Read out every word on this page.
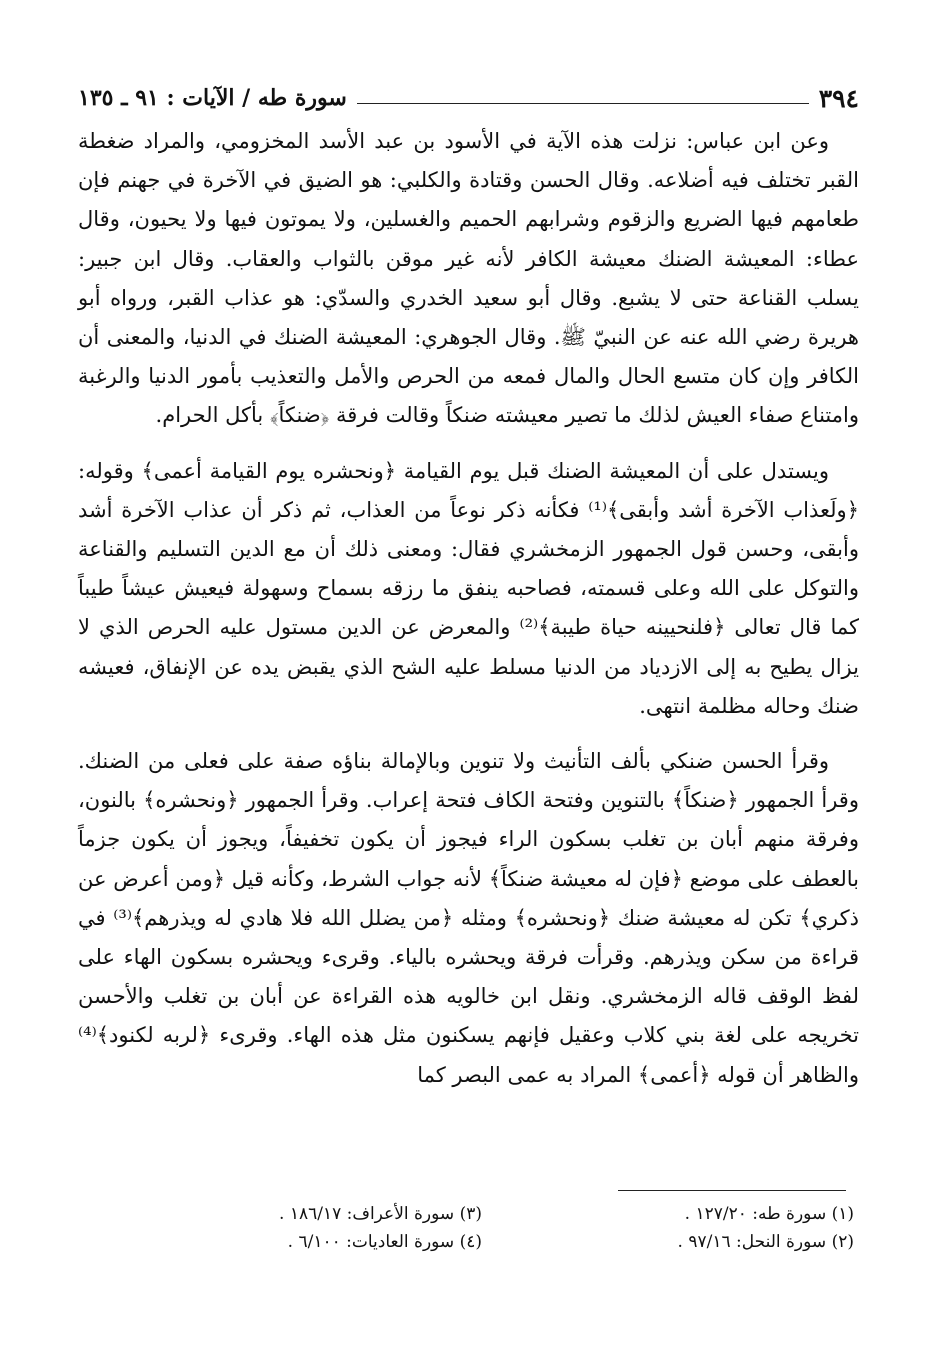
٣٩٤
سورة طه / الآيات : ٩١ ـ ١٣٥

وعن ابن عباس: نزلت هذه الآية في الأسود بن عبد الأسد المخزومي، والمراد ضغطة القبر تختلف فيه أضلاعه. وقال الحسن وقتادة والكلبي: هو الضيق في الآخرة في جهنم فإن طعامهم فيها الضريع والزقوم وشرابهم الحميم والغسلين، ولا يموتون فيها ولا يحيون، وقال عطاء: المعيشة الضنك معيشة الكافر لأنه غير موقن بالثواب والعقاب. وقال ابن جبير: يسلب القناعة حتى لا يشبع. وقال أبو سعيد الخدري والسدّي: هو عذاب القبر، ورواه أبو هريرة رضي الله عنه عن النبيّ ﷺ. وقال الجوهري: المعيشة الضنك في الدنيا، والمعنى أن الكافر وإن كان متسع الحال والمال فمعه من الحرص والأمل والتعذيب بأمور الدنيا والرغبة وامتناع صفاء العيش لذلك ما تصير معيشته ضنكاً وقالت فرقة ﴿ضنكاً﴾ بأكل الحرام.

ويستدل على أن المعيشة الضنك قبل يوم القيامة ﴿ونحشره يوم القيامة أعمى﴾ وقوله: ﴿ولَعذاب الآخرة أشد وأبقى﴾⁽¹⁾ فكأنه ذكر نوعاً من العذاب، ثم ذكر أن عذاب الآخرة أشد وأبقى، وحسن قول الجمهور الزمخشري فقال: ومعنى ذلك أن مع الدين التسليم والقناعة والتوكل على الله وعلى قسمته، فصاحبه ينفق ما رزقه بسماح وسهولة فيعيش عيشاً طيباً كما قال تعالى ﴿فلنحيينه حياة طيبة﴾⁽²⁾ والمعرض عن الدين مستول عليه الحرص الذي لا يزال يطيح به إلى الازدياد من الدنيا مسلط عليه الشح الذي يقبض يده عن الإنفاق، فعيشه ضنك وحاله مظلمة انتهى.

وقرأ الحسن ضنكي بألف التأنيث ولا تنوين وبالإمالة بناؤه صفة على فعلى من الضنك. وقرأ الجمهور ﴿ضنكاً﴾ بالتنوين وفتحة الكاف فتحة إعراب. وقرأ الجمهور ﴿ونحشره﴾ بالنون، وفرقة منهم أبان بن تغلب بسكون الراء فيجوز أن يكون تخفيفاً، ويجوز أن يكون جزماً بالعطف على موضع ﴿فإن له معيشة ضنكاً﴾ لأنه جواب الشرط، وكأنه قيل ﴿ومن أعرض عن ذكري﴾ تكن له معيشة ضنك ﴿ونحشره﴾ ومثله ﴿من يضلل الله فلا هادي له ويذرهم﴾⁽³⁾ في قراءة من سكن ويذرهم. وقرأت فرقة ويحشره بالياء. وقرىء ويحشره بسكون الهاء على لفظ الوقف قاله الزمخشري. ونقل ابن خالويه هذه القراءة عن أبان بن تغلب والأحسن تخريجه على لغة بني كلاب وعقيل فإنهم يسكنون مثل هذه الهاء. وقرىء ﴿لربه لكنود﴾⁽⁴⁾ والظاهر أن قوله ﴿أعمى﴾ المراد به عمى البصر كما

(١) سورة طه: ١٢٧/٢٠ .
(٣) سورة الأعراف: ١٨٦/١٧ .
(٢) سورة النحل: ٩٧/١٦ .
(٤) سورة العاديات: ٦/١٠٠ .
